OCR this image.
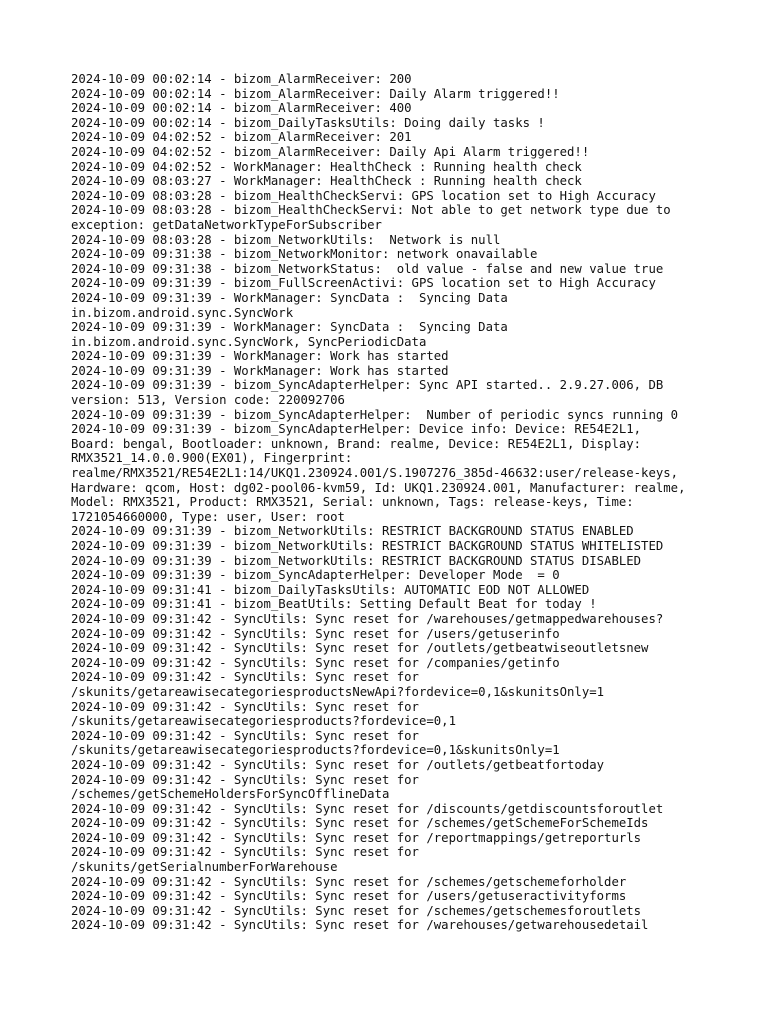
2024-10-09 00:02:14 - bizom_AlarmReceiver: 200
2024-10-09 00:02:14 - bizom_AlarmReceiver: Daily Alarm triggered!!
2024-10-09 00:02:14 - bizom_AlarmReceiver: 400
2024-10-09 00:02:14 - bizom_DailyTasksUtils: Doing daily tasks !
2024-10-09 04:02:52 - bizom_AlarmReceiver: 201
2024-10-09 04:02:52 - bizom_AlarmReceiver: Daily Api Alarm triggered!!
2024-10-09 04:02:52 - WorkManager: HealthCheck : Running health check
2024-10-09 08:03:27 - WorkManager: HealthCheck : Running health check
2024-10-09 08:03:28 - bizom_HealthCheckServi: GPS location set to High Accuracy
2024-10-09 08:03:28 - bizom_HealthCheckServi: Not able to get network type due to
exception: getDataNetworkTypeForSubscriber
2024-10-09 08:03:28 - bizom_NetworkUtils:  Network is null
2024-10-09 09:31:38 - bizom_NetworkMonitor: network onavailable
2024-10-09 09:31:38 - bizom_NetworkStatus:  old value - false and new value true
2024-10-09 09:31:39 - bizom_FullScreenActivi: GPS location set to High Accuracy
2024-10-09 09:31:39 - WorkManager: SyncData :  Syncing Data
in.bizom.android.sync.SyncWork
2024-10-09 09:31:39 - WorkManager: SyncData :  Syncing Data
in.bizom.android.sync.SyncWork, SyncPeriodicData
2024-10-09 09:31:39 - WorkManager: Work has started
2024-10-09 09:31:39 - WorkManager: Work has started
2024-10-09 09:31:39 - bizom_SyncAdapterHelper: Sync API started.. 2.9.27.006, DB
version: 513, Version code: 220092706
2024-10-09 09:31:39 - bizom_SyncAdapterHelper:  Number of periodic syncs running 0
2024-10-09 09:31:39 - bizom_SyncAdapterHelper: Device info: Device: RE54E2L1,
Board: bengal, Bootloader: unknown, Brand: realme, Device: RE54E2L1, Display:
RMX3521_14.0.0.900(EX01), Fingerprint:
realme/RMX3521/RE54E2L1:14/UKQ1.230924.001/S.1907276_385d-46632:user/release-keys,
Hardware: qcom, Host: dg02-pool06-kvm59, Id: UKQ1.230924.001, Manufacturer: realme,
Model: RMX3521, Product: RMX3521, Serial: unknown, Tags: release-keys, Time:
1721054660000, Type: user, User: root
2024-10-09 09:31:39 - bizom_NetworkUtils: RESTRICT BACKGROUND STATUS ENABLED
2024-10-09 09:31:39 - bizom_NetworkUtils: RESTRICT BACKGROUND STATUS WHITELISTED
2024-10-09 09:31:39 - bizom_NetworkUtils: RESTRICT BACKGROUND STATUS DISABLED
2024-10-09 09:31:39 - bizom_SyncAdapterHelper: Developer Mode  = 0
2024-10-09 09:31:41 - bizom_DailyTasksUtils: AUTOMATIC EOD NOT ALLOWED
2024-10-09 09:31:41 - bizom_BeatUtils: Setting Default Beat for today !
2024-10-09 09:31:42 - SyncUtils: Sync reset for /warehouses/getmappedwarehouses?
2024-10-09 09:31:42 - SyncUtils: Sync reset for /users/getuserinfo
2024-10-09 09:31:42 - SyncUtils: Sync reset for /outlets/getbeatwiseoutletsnew
2024-10-09 09:31:42 - SyncUtils: Sync reset for /companies/getinfo
2024-10-09 09:31:42 - SyncUtils: Sync reset for
/skunits/getareawisecategoriesproductsNewApi?fordevice=0,1&skunitsOnly=1
2024-10-09 09:31:42 - SyncUtils: Sync reset for
/skunits/getareawisecategoriesproducts?fordevice=0,1
2024-10-09 09:31:42 - SyncUtils: Sync reset for
/skunits/getareawisecategoriesproducts?fordevice=0,1&skunitsOnly=1
2024-10-09 09:31:42 - SyncUtils: Sync reset for /outlets/getbeatfortoday
2024-10-09 09:31:42 - SyncUtils: Sync reset for
/schemes/getSchemeHoldersForSyncOfflineData
2024-10-09 09:31:42 - SyncUtils: Sync reset for /discounts/getdiscountsforoutlet
2024-10-09 09:31:42 - SyncUtils: Sync reset for /schemes/getSchemeForSchemeIds
2024-10-09 09:31:42 - SyncUtils: Sync reset for /reportmappings/getreporturls
2024-10-09 09:31:42 - SyncUtils: Sync reset for
/skunits/getSerialnumberForWarehouse
2024-10-09 09:31:42 - SyncUtils: Sync reset for /schemes/getschemeforholder
2024-10-09 09:31:42 - SyncUtils: Sync reset for /users/getuseractivityforms
2024-10-09 09:31:42 - SyncUtils: Sync reset for /schemes/getschemesforoutlets
2024-10-09 09:31:42 - SyncUtils: Sync reset for /warehouses/getwarehousedetail
